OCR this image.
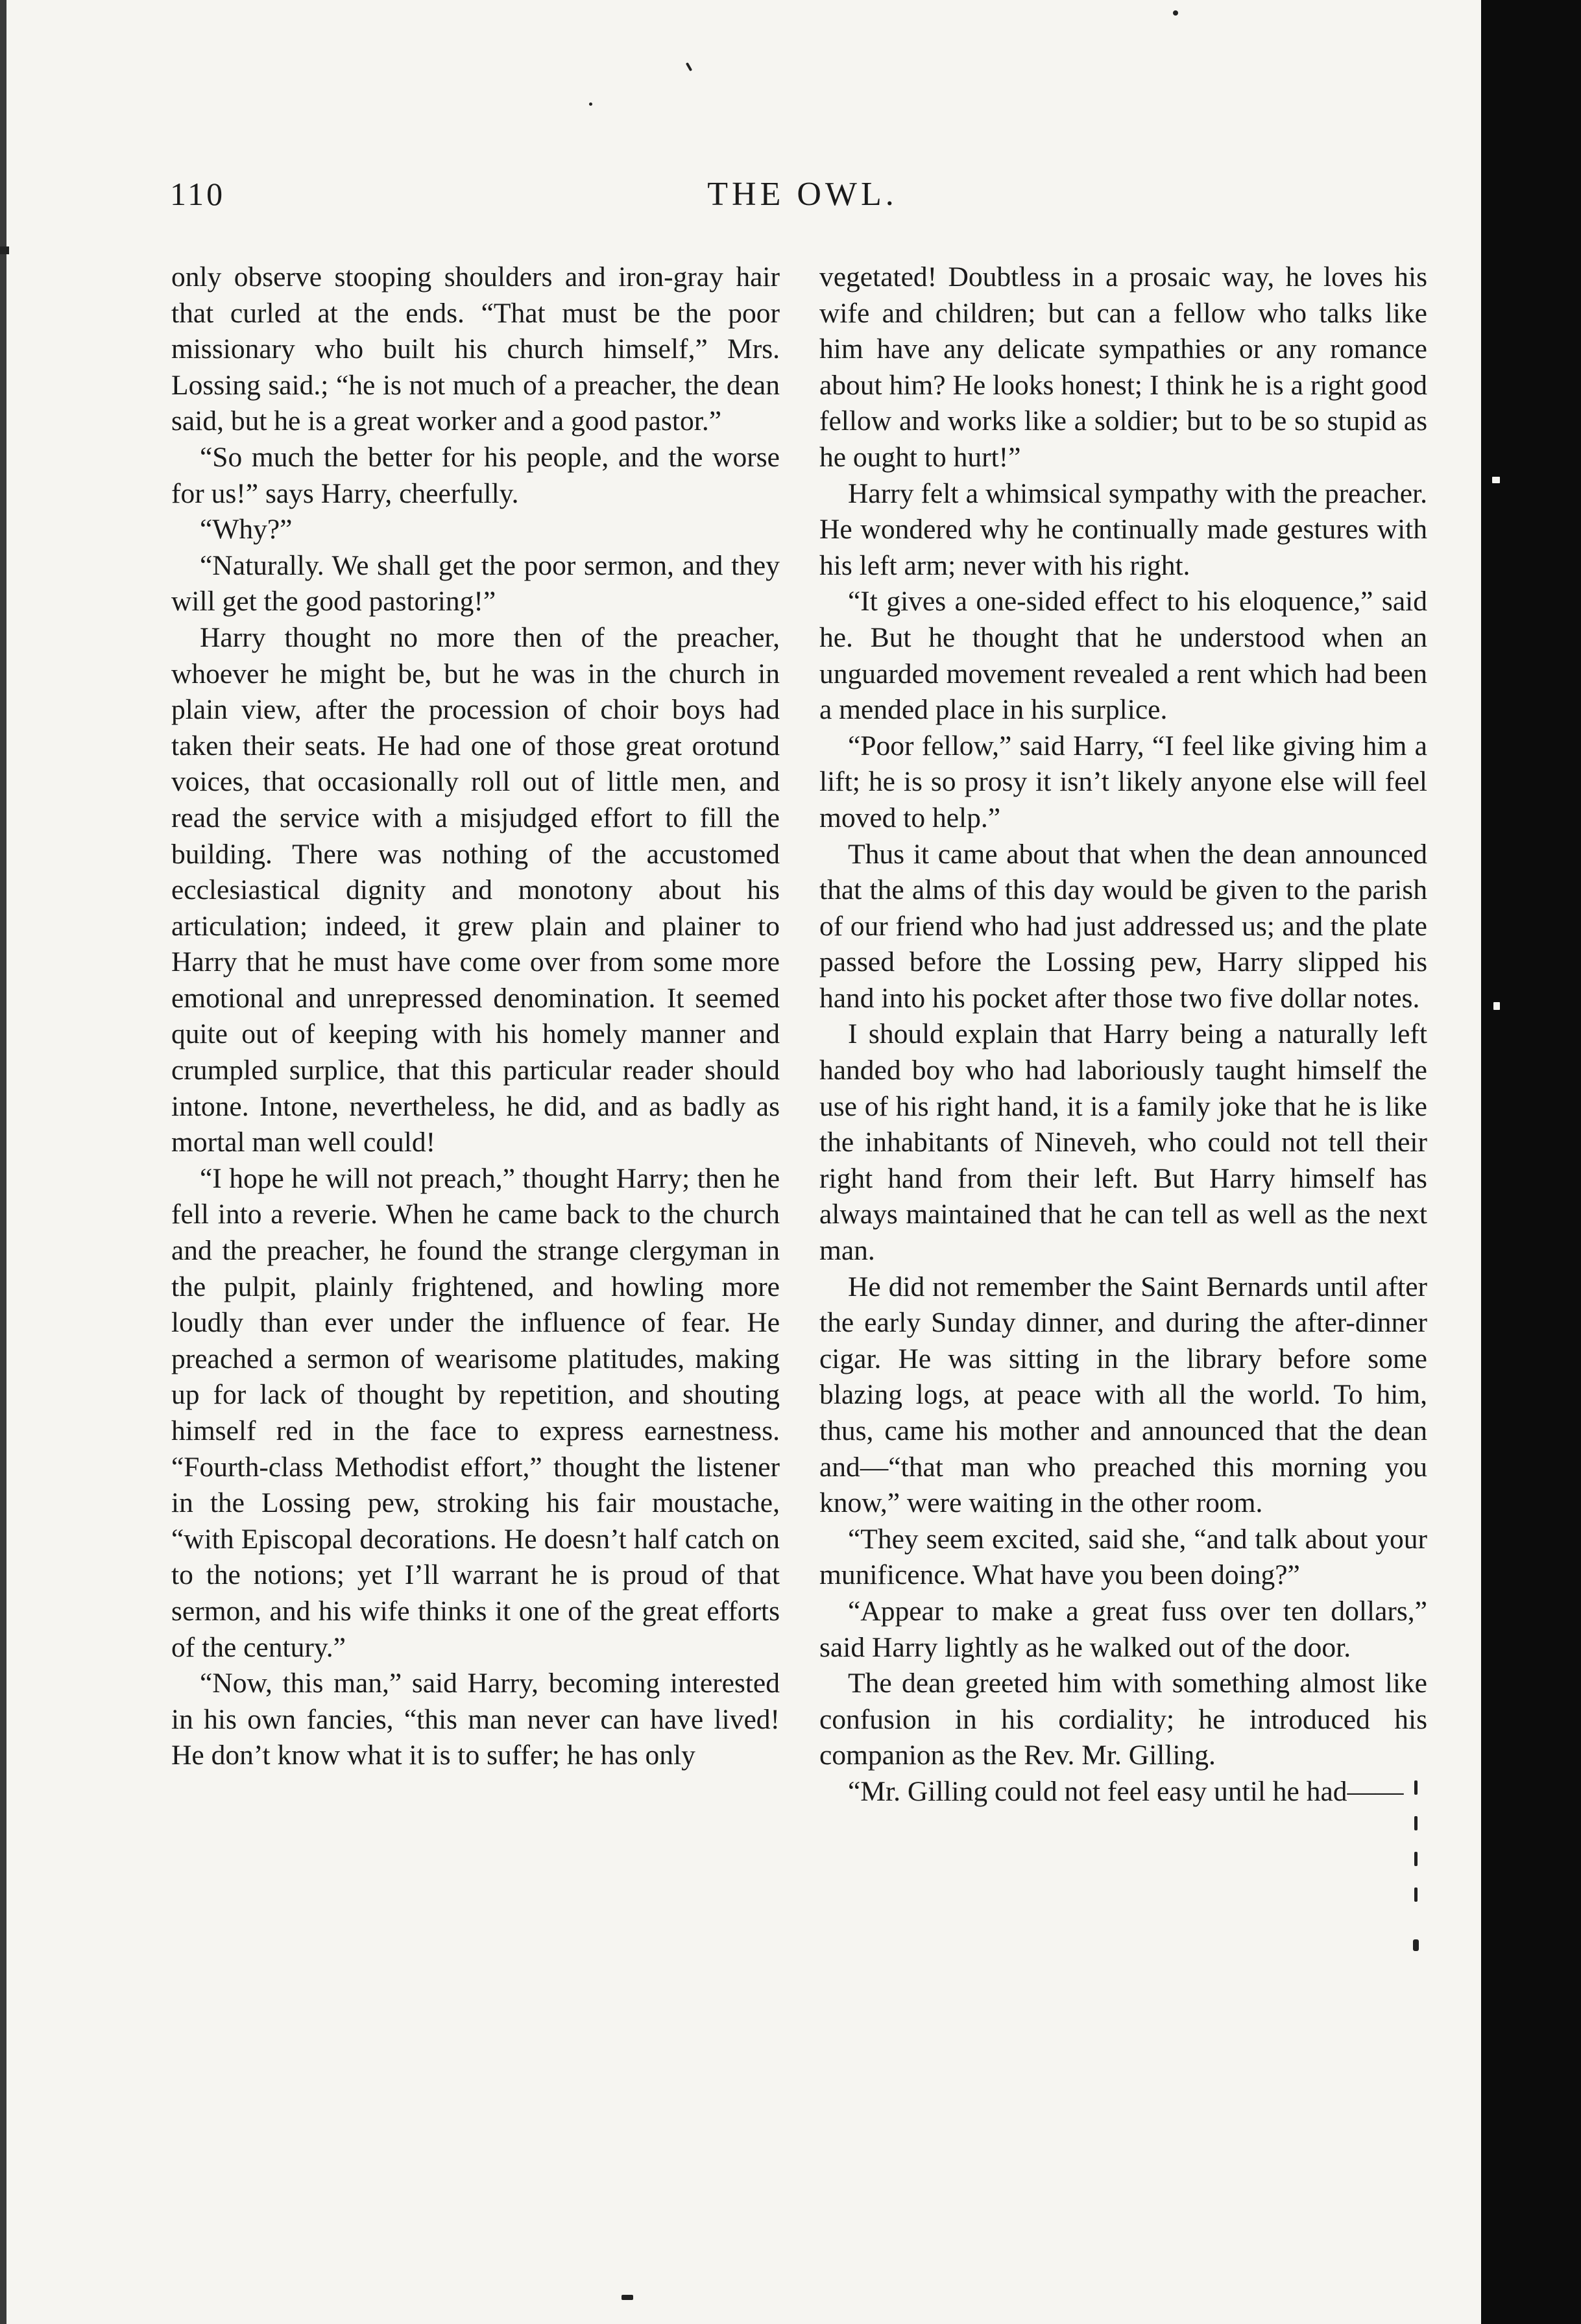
110	THE OWL.

only observe stooping shoulders and iron-gray hair that curled at the ends. “That must be the poor missionary who built his church himself,” Mrs. Lossing said.; “he is not much of a preacher, the dean said, but he is a great worker and a good pastor.”

“So much the better for his people, and the worse for us!” says Harry, cheerfully.

“Why?”

“Naturally. We shall get the poor sermon, and they will get the good pastoring!”

Harry thought no more then of the preacher, whoever he might be, but he was in the church in plain view, after the procession of choir boys had taken their seats. He had one of those great orotund voices, that occasionally roll out of little men, and read the service with a misjudged effort to fill the building. There was nothing of the accustomed ecclesiastical dignity and monotony about his articulation; indeed, it grew plain and plainer to Harry that he must have come over from some more emotional and unrepressed denomination. It seemed quite out of keeping with his homely manner and crumpled surplice, that this particular reader should intone. Intone, nevertheless, he did, and as badly as mortal man well could!

“I hope he will not preach,” thought Harry; then he fell into a reverie. When he came back to the church and the preacher, he found the strange clergyman in the pulpit, plainly frightened, and howling more loudly than ever under the influence of fear. He preached a sermon of wearisome platitudes, making up for lack of thought by repetition, and shouting himself red in the face to express earnestness. “Fourth-class Methodist effort,” thought the listener in the Lossing pew, stroking his fair moustache, “with Episcopal decorations. He doesn’t half catch on to the notions; yet I’ll warrant he is proud of that sermon, and his wife thinks it one of the great efforts of the century.”

“Now, this man,” said Harry, becoming interested in his own fancies, “this man never can have lived! He don’t know what it is to suffer; he has only

vegetated! Doubtless in a prosaic way, he loves his wife and children; but can a fellow who talks like him have any delicate sympathies or any romance about him? He looks honest; I think he is a right good fellow and works like a soldier; but to be so stupid as he ought to hurt!”

Harry felt a whimsical sympathy with the preacher. He wondered why he continually made gestures with his left arm; never with his right.

“It gives a one-sided effect to his eloquence,” said he. But he thought that he understood when an unguarded movement revealed a rent which had been a mended place in his surplice.

“Poor fellow,” said Harry, “I feel like giving him a lift; he is so prosy it isn’t likely anyone else will feel moved to help.”

Thus it came about that when the dean announced that the alms of this day would be given to the parish of our friend who had just addressed us; and the plate passed before the Lossing pew, Harry slipped his hand into his pocket after those two five dollar notes.

I should explain that Harry being a naturally left handed boy who had laboriously taught himself the use of his right hand, it is a family joke that he is like the inhabitants of Nineveh, who could not tell their right hand from their left. But Harry himself has always maintained that he can tell as well as the next man.

He did not remember the Saint Bernards until after the early Sunday dinner, and during the after-dinner cigar. He was sitting in the library before some blazing logs, at peace with all the world. To him, thus, came his mother and announced that the dean and—“that man who preached this morning you know,” were waiting in the other room.

“They seem excited, said she, “and talk about your munificence. What have you been doing?”

“Appear to make a great fuss over ten dollars,” said Harry lightly as he walked out of the door.

The dean greeted him with something almost like confusion in his cordiality; he introduced his companion as the Rev. Mr. Gilling.

“Mr. Gilling could not feel easy until he had——
